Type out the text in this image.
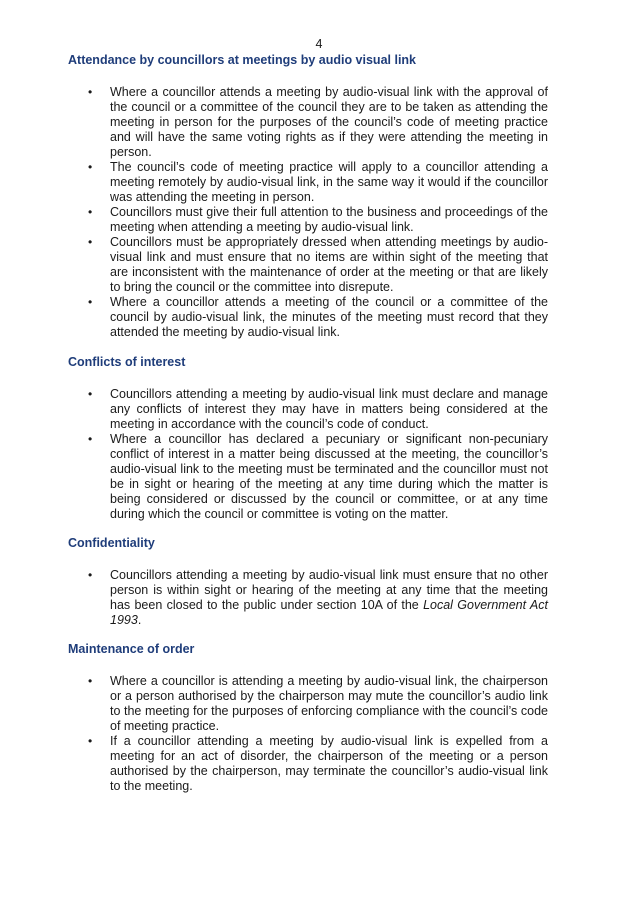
4
Attendance by councillors at meetings by audio visual link
• Where a councillor attends a meeting by audio-visual link with the approval of the council or a committee of the council they are to be taken as attending the meeting in person for the purposes of the council’s code of meeting practice and will have the same voting rights as if they were attending the meeting in person.
• The council’s code of meeting practice will apply to a councillor attending a meeting remotely by audio-visual link, in the same way it would if the councillor was attending the meeting in person.
• Councillors must give their full attention to the business and proceedings of the meeting when attending a meeting by audio-visual link.
• Councillors must be appropriately dressed when attending meetings by audio-visual link and must ensure that no items are within sight of the meeting that are inconsistent with the maintenance of order at the meeting or that are likely to bring the council or the committee into disrepute.
• Where a councillor attends a meeting of the council or a committee of the council by audio-visual link, the minutes of the meeting must record that they attended the meeting by audio-visual link.
Conflicts of interest
• Councillors attending a meeting by audio-visual link must declare and manage any conflicts of interest they may have in matters being considered at the meeting in accordance with the council’s code of conduct.
• Where a councillor has declared a pecuniary or significant non-pecuniary conflict of interest in a matter being discussed at the meeting, the councillor’s audio-visual link to the meeting must be terminated and the councillor must not be in sight or hearing of the meeting at any time during which the matter is being considered or discussed by the council or committee, or at any time during which the council or committee is voting on the matter.
Confidentiality
• Councillors attending a meeting by audio-visual link must ensure that no other person is within sight or hearing of the meeting at any time that the meeting has been closed to the public under section 10A of the Local Government Act 1993.
Maintenance of order
• Where a councillor is attending a meeting by audio-visual link, the chairperson or a person authorised by the chairperson may mute the councillor’s audio link to the meeting for the purposes of enforcing compliance with the council’s code of meeting practice.
• If a councillor attending a meeting by audio-visual link is expelled from a meeting for an act of disorder, the chairperson of the meeting or a person authorised by the chairperson, may terminate the councillor’s audio-visual link to the meeting.
